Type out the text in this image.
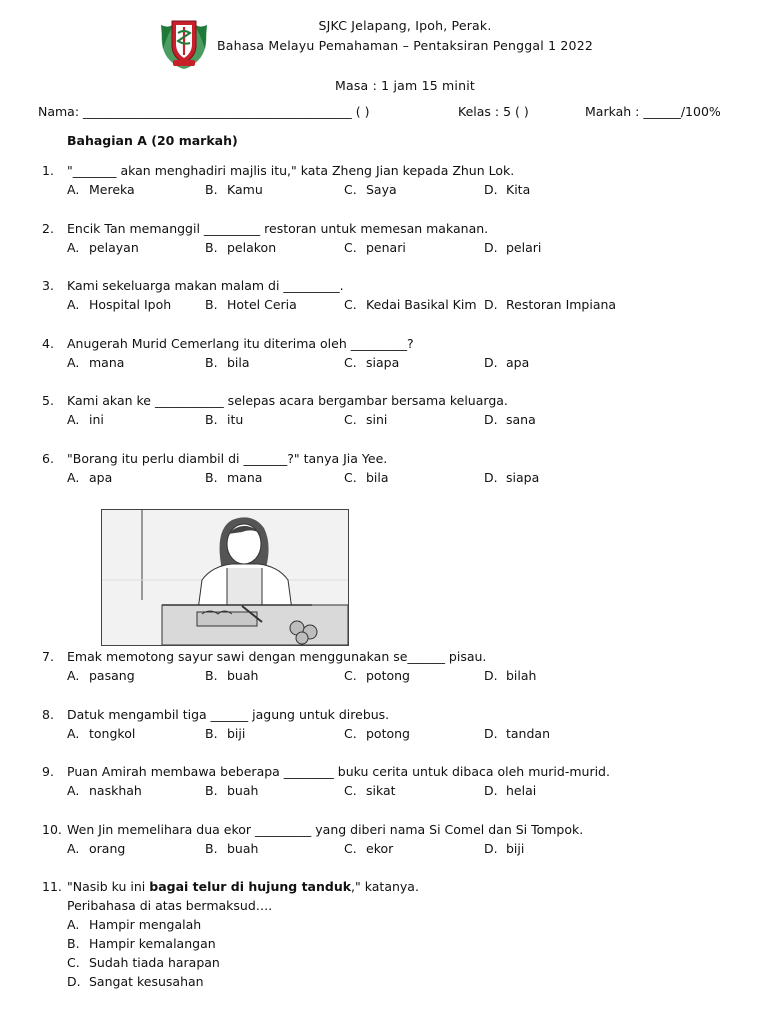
SJKC Jelapang, Ipoh, Perak.
Bahasa Melayu Pemahaman – Pentaksiran Penggal 1 2022
Masa : 1 jam 15 minit
Nama: ___________________________________________ ( )	Kelas : 5 ( )	Markah : ______/100%
Bahagian A (20 markah)
1. "_______ akan menghadiri majlis itu," kata Zheng Jian kepada Zhun Lok.
A. Mereka	B. Kamu	C. Saya	D. Kita
2. Encik Tan memanggil _________ restoran untuk memesan makanan.
A. pelayan	B. pelakon	C. penari	D. pelari
3. Kami sekeluarga makan malam di _________.
A. Hospital Ipoh	B. Hotel Ceria	C. Kedai Basikal Kim D. Restoran Impiana
4. Anugerah Murid Cemerlang itu diterima oleh _________?
A. mana	B. bila	C. siapa	D. apa
5. Kami akan ke ___________ selepas acara bergambar bersama keluarga.
A. ini	B. itu	C. sini	D. sana
6. "Borang itu perlu diambil di _______?" tanya Jia Yee.
A. apa	B. mana	C. bila	D. siapa
7. Emak memotong sayur sawi dengan menggunakan se______ pisau.
A. pasang	B. buah	C. potong	D. bilah
8. Datuk mengambil tiga ______ jagung untuk direbus.
A. tongkol	B. biji	C. potong	D. tandan
9. Puan Amirah membawa beberapa ________ buku cerita untuk dibaca oleh murid-murid.
A. naskhah	B. buah	C. sikat	D. helai
10. Wen Jin memelihara dua ekor _________ yang diberi nama Si Comel dan Si Tompok.
A. orang	B. buah	C. ekor	D. biji
11. "Nasib ku ini bagai telur di hujung tanduk," katanya.
Peribahasa di atas bermaksud….
A. Hampir mengalah
B. Hampir kemalangan
C. Sudah tiada harapan
D. Sangat kesusahan
